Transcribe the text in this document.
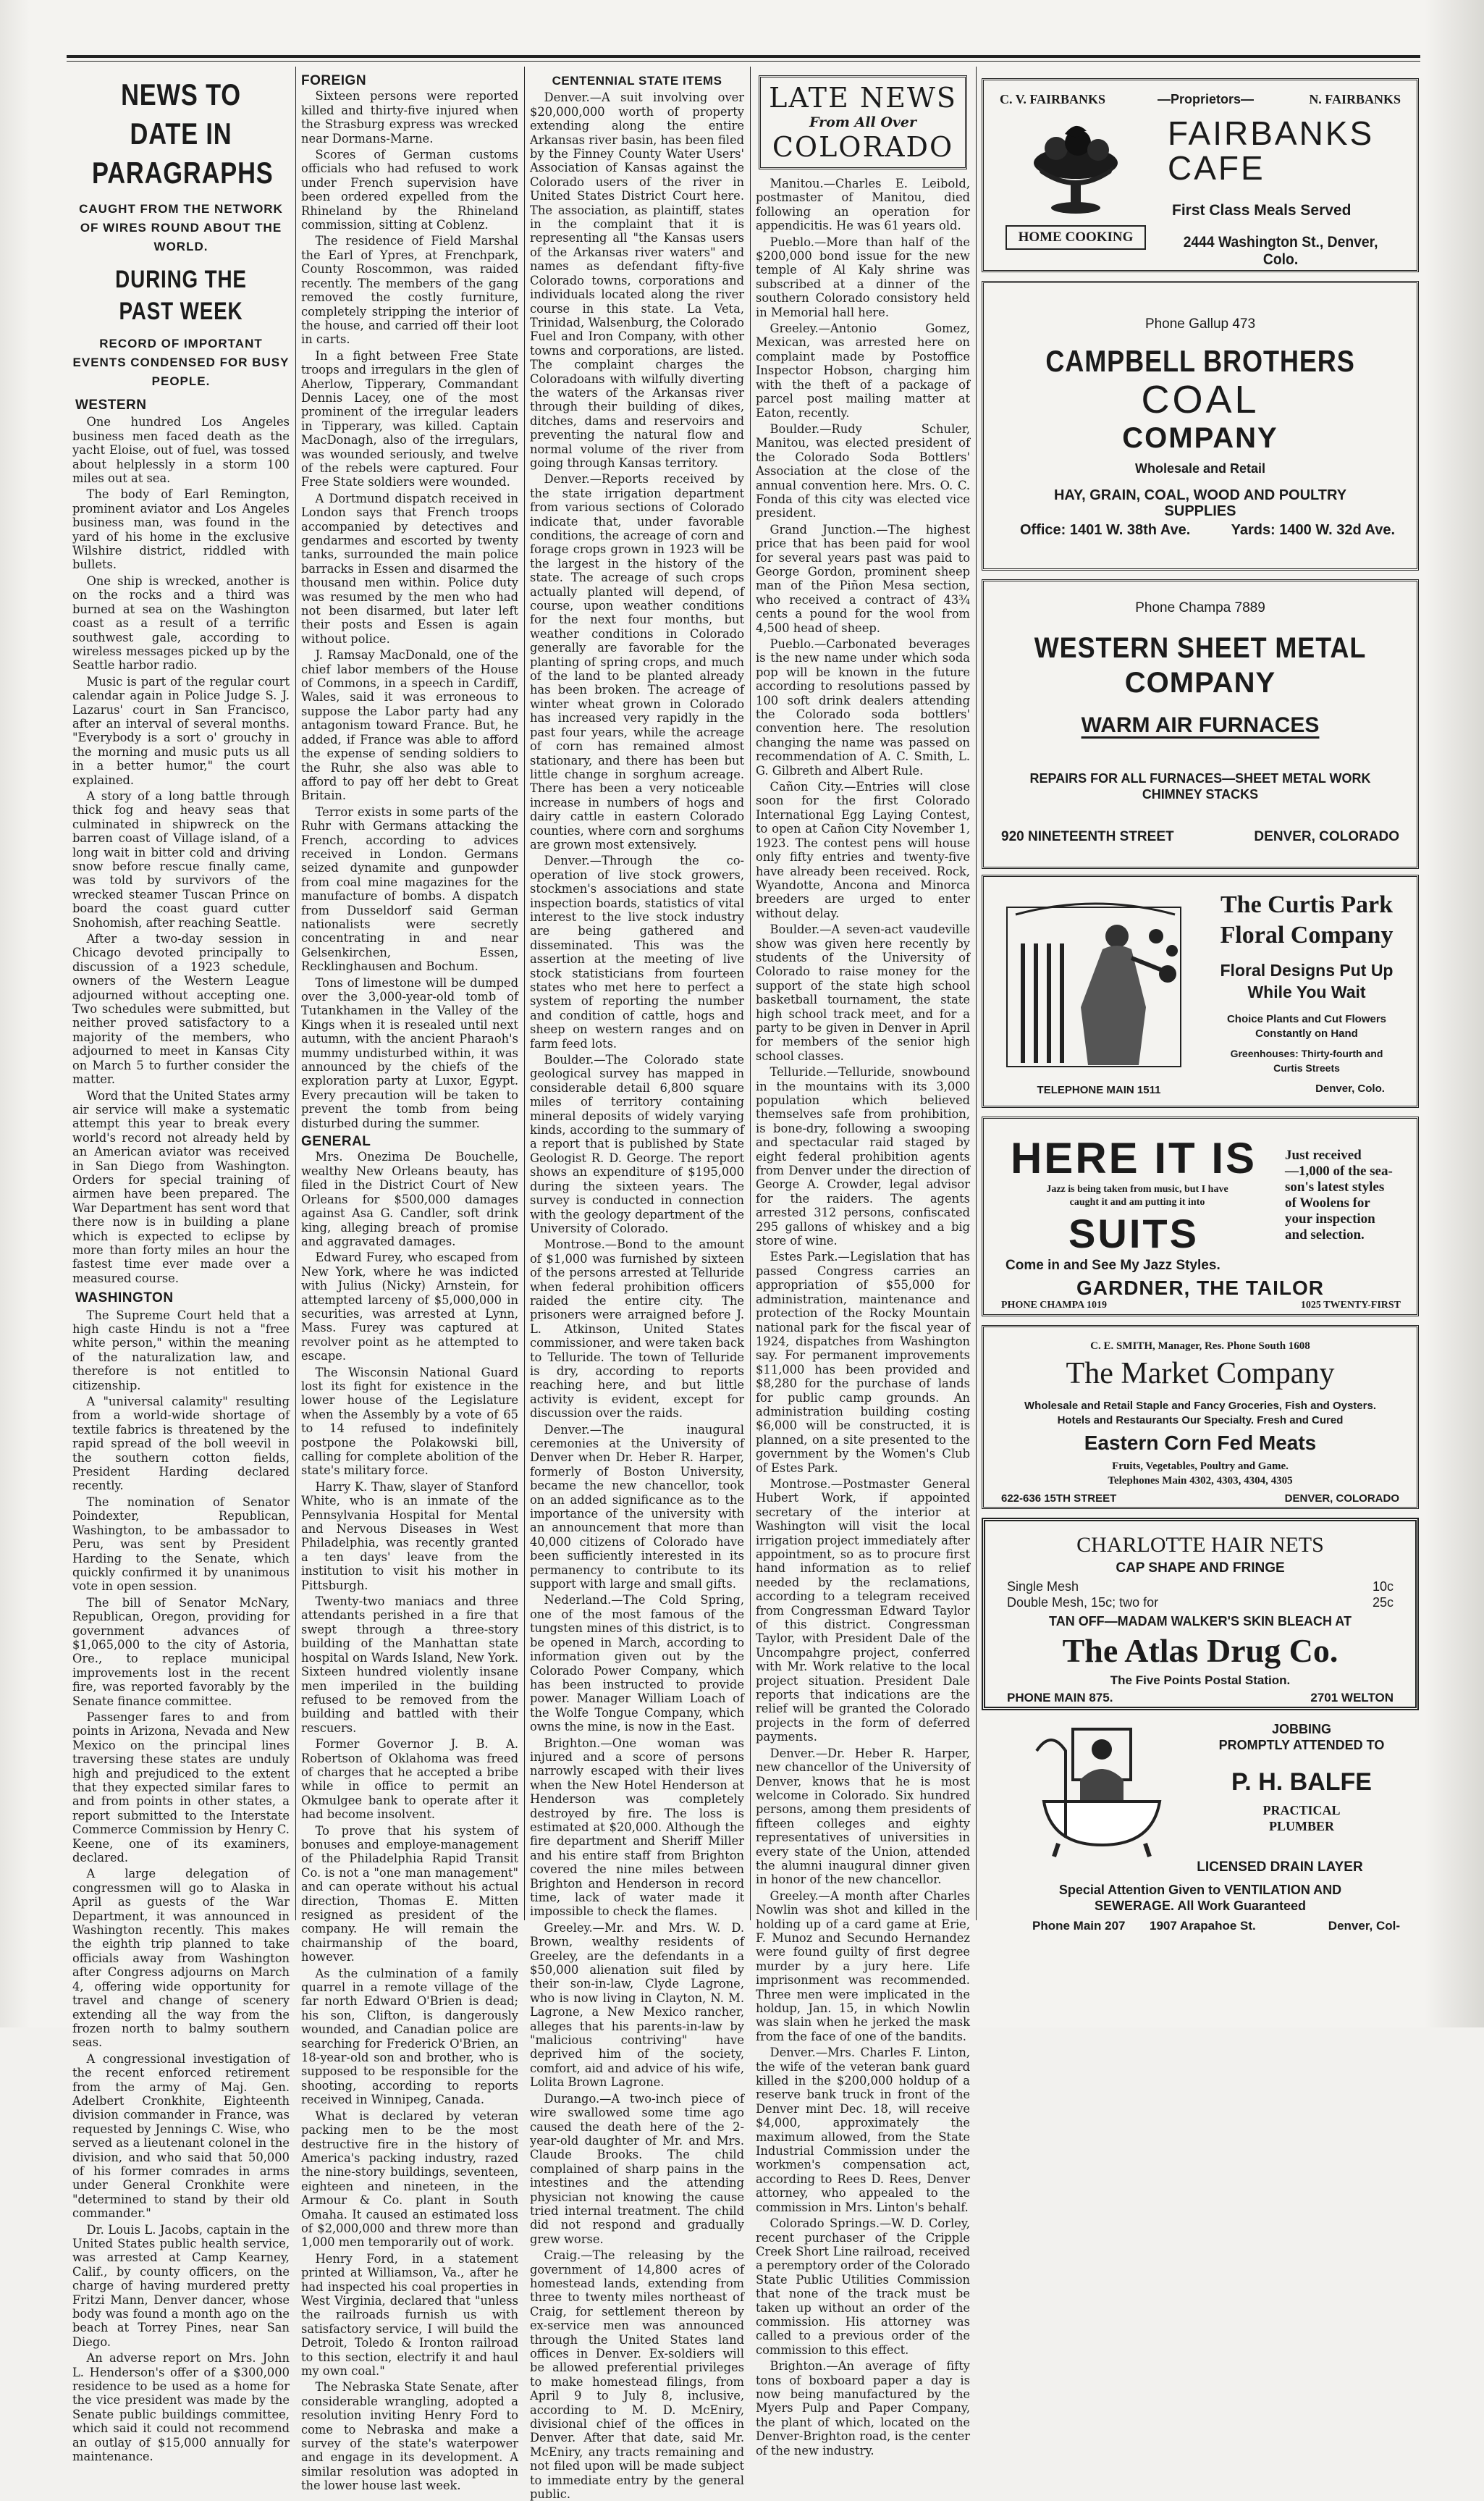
NEWS TO DATE IN PARAGRAPHS
CAUGHT FROM THE NETWORK OF WIRES ROUND ABOUT THE WORLD.
DURING THE PAST WEEK
RECORD OF IMPORTANT EVENTS CONDENSED FOR BUSY PEOPLE.
WESTERN

One hundred Los Angeles business men faced death as the yacht Eloise, out of fuel, was tossed about helplessly in a storm 100 miles out at sea.

The body of Earl Remington, prominent aviator and Los Angeles business man, was found in the yard of his home in the exclusive Wilshire district, riddled with bullets.

One ship is wrecked, another is on the rocks and a third was burned at sea on the Washington coast as a result of a terrific southwest gale, according to wireless messages picked up by the Seattle harbor radio.

Music is part of the regular court calendar again in Police Judge S. J. Lazarus' court in San Francisco, after an interval of several months. "Everybody is a sort o' grouchy in the morning and music puts us all in a better humor," the court explained.

A story of a long battle through thick fog and heavy seas that culminated in shipwreck on the barren coast of Village island, of a long wait in bitter cold and driving snow before rescue finally came, was told by survivors of the wrecked steamer Tuscan Prince on board the coast guard cutter Snohomish, after reaching Seattle.

After a two-day session in Chicago devoted principally to discussion of a 1923 schedule, owners of the Western League adjourned without accepting one. Two schedules were submitted, but neither proved satisfactory to a majority of the members, who adjourned to meet in Kansas City on March 5 to further consider the matter.

Word that the United States army air service will make a systematic attempt this year to break every world's record not already held by an American aviator was received in San Diego from Washington. Orders for special training of airmen have been prepared. The War Department has sent word that there now is in building a plane which is expected to eclipse by more than forty miles an hour the fastest time ever made over a measured course.

WASHINGTON

The Supreme Court held that a high caste Hindu is not a "free white person," within the meaning of the naturalization law, and therefore is not entitled to citizenship.

A "universal calamity" resulting from a world-wide shortage of textile fabrics is threatened by the rapid spread of the boll weevil in the southern cotton fields, President Harding declared recently.

The nomination of Senator Poindexter, Republican, Washington, to be ambassador to Peru, was sent by President Harding to the Senate, which quickly confirmed it by unanimous vote in open session.

The bill of Senator McNary, Republican, Oregon, providing for government advances of $1,065,000 to the city of Astoria, Ore., to replace municipal improvements lost in the recent fire, was reported favorably by the Senate finance committee.

Passenger fares to and from points in Arizona, Nevada and New Mexico on the principal lines traversing these states are unduly high and prejudiced to the extent that they expected similar fares to and from points in other states, a report submitted to the Interstate Commerce Commission by Henry C. Keene, one of its examiners, declared.

A large delegation of congressmen will go to Alaska in April as guests of the War Department, it was announced in Washington recently. This makes the eighth trip planned to take officials away from Washington after Congress adjourns on March 4, offering wide opportunity for travel and change of scenery extending all the way from the frozen north to balmy southern seas.

A congressional investigation of the recent enforced retirement from the army of Maj. Gen. Adelbert Cronkhite, Eighteenth division commander in France, was requested by Jennings C. Wise, who served as a lieutenant colonel in the division, and who said that 50,000 of his former comrades in arms under General Cronkhite were "determined to stand by their old commander."

Dr. Louis L. Jacobs, captain in the United States public health service, was arrested at Camp Kearney, Calif., by county officers, on the charge of having murdered pretty Fritzi Mann, Denver dancer, whose body was found a month ago on the beach at Torrey Pines, near San Diego.

An adverse report on Mrs. John L. Henderson's offer of a $300,000 residence to be used as a home for the vice president was made by the Senate public buildings committee, which said it could not recommend an outlay of $15,000 annually for maintenance.

FOREIGN

Sixteen persons were reported killed and thirty-five injured when the Strasburg express was wrecked near Dormans-Marne.

Scores of German customs officials who had refused to work under French supervision have been ordered expelled from the Rhineland by the Rhineland commission, sitting at Coblenz.

The residence of Field Marshal the Earl of Ypres, at Frenchpark, County Roscommon, was raided recently. The members of the gang removed the costly furniture, completely stripping the interior of the house, and carried off their loot in carts.

In a fight between Free State troops and irregulars in the glen of Aherlow, Tipperary, Commandant Dennis Lacey, one of the most prominent of the irregular leaders in Tipperary, was killed. Captain MacDonagh, also of the irregulars, was wounded seriously, and twelve of the rebels were captured. Four Free State soldiers were wounded.

A Dortmund dispatch received in London says that French troops accompanied by detectives and gendarmes and escorted by twenty tanks, surrounded the main police barracks in Essen and disarmed the thousand men within. Police duty was resumed by the men who had not been disarmed, but later left their posts and Essen is again without police.

J. Ramsay MacDonald, one of the chief labor members of the House of Commons, in a speech in Cardiff, Wales, said it was erroneous to suppose the Labor party had any antagonism toward France. But, he added, if France was able to afford the expense of sending soldiers to the Ruhr, she also was able to afford to pay off her debt to Great Britain.

Terror exists in some parts of the Ruhr with Germans attacking the French, according to advices received in London. Germans seized dynamite and gunpowder from coal mine magazines for the manufacture of bombs. A dispatch from Dusseldorf said German nationalists were secretly concentrating in and near Gelsenkirchen, Essen, Recklinghausen and Bochum.

Tons of limestone will be dumped over the 3,000-year-old tomb of Tutankhamen in the Valley of the Kings when it is resealed until next autumn, with the ancient Pharaoh's mummy undisturbed within, it was announced by the chiefs of the exploration party at Luxor, Egypt. Every precaution will be taken to prevent the tomb from being disturbed during the summer.

GENERAL

Mrs. Onezima De Bouchelle, wealthy New Orleans beauty, has filed in the District Court of New Orleans for $500,000 damages against Asa G. Candler, soft drink king, alleging breach of promise and aggravated damages.

Edward Furey, who escaped from New York, where he was indicted with Julius (Nicky) Arnstein, for attempted larceny of $5,000,000 in securities, was arrested at Lynn, Mass. Furey was captured at revolver point as he attempted to escape.

The Wisconsin National Guard lost its fight for existence in the lower house of the Legislature when the Assembly by a vote of 65 to 14 refused to indefinitely postpone the Polakowski bill, calling for complete abolition of the state's military force.

Harry K. Thaw, slayer of Stanford White, who is an inmate of the Pennsylvania Hospital for Mental and Nervous Diseases in West Philadelphia, was recently granted a ten days' leave from the institution to visit his mother in Pittsburgh.

Twenty-two maniacs and three attendants perished in a fire that swept through a three-story building of the Manhattan state hospital on Wards Island, New York. Sixteen hundred violently insane men imperiled in the building refused to be removed from the building and battled with their rescuers.

Former Governor J. B. A. Robertson of Oklahoma was freed of charges that he accepted a bribe while in office to permit an Okmulgee bank to operate after it had become insolvent.

To prove that his system of bonuses and employe-management of the Philadelphia Rapid Transit Co. is not a "one man management" and can operate without his actual direction, Thomas E. Mitten resigned as president of the company. He will remain the chairmanship of the board, however.

As the culmination of a family quarrel in a remote village of the far north Edward O'Brien is dead; his son, Clifton, is dangerously wounded, and Canadian police are searching for Frederick O'Brien, an 18-year-old son and brother, who is supposed to be responsible for the shooting, according to reports received in Winnipeg, Canada.

What is declared by veteran packing men to be the most destructive fire in the history of America's packing industry, razed the nine-story buildings, seventeen, eighteen and nineteen, in the Armour & Co. plant in South Omaha. It caused an estimated loss of $2,000,000 and threw more than 1,000 men temporarily out of work.

Henry Ford, in a statement printed at Williamson, Va., after he had inspected his coal properties in West Virginia, declared that "unless the railroads furnish us with satisfactory service, I will build the Detroit, Toledo & Ironton railroad to this section, electrify it and haul my own coal."

The Nebraska State Senate, after considerable wrangling, adopted a resolution inviting Henry Ford to come to Nebraska and make a survey of the state's waterpower and engage in its development. A similar resolution was adopted in the lower house last week.

CENTENNIAL STATE ITEMS

Denver.—A suit involving over $20,000,000 worth of property extending along the entire Arkansas river basin, has been filed by the Finney County Water Users' Association of Kansas against the Colorado users of the river in United States District Court here. The association, as plaintiff, states in the complaint that it is representing all "the Kansas users of the Arkansas river waters" and names as defendant fifty-five Colorado towns, corporations and individuals located along the river course in this state. La Veta, Trinidad, Walsenburg, the Colorado Fuel and Iron Company, with other towns and corporations, are listed. The complaint charges the Coloradoans with wilfully diverting the waters of the Arkansas river through their building of dikes, ditches, dams and reservoirs and preventing the natural flow and normal volume of the river from going through Kansas territory.

Denver.—Reports received by the state irrigation department from various sections of Colorado indicate that, under favorable conditions, the acreage of corn and forage crops grown in 1923 will be the largest in the history of the state. The acreage of such crops actually planted will depend, of course, upon weather conditions for the next four months, but weather conditions in Colorado generally are favorable for the planting of spring crops, and much of the land to be planted already has been broken. The acreage of winter wheat grown in Colorado has increased very rapidly in the past four years, while the acreage of corn has remained almost stationary, and there has been but little change in sorghum acreage. There has been a very noticeable increase in numbers of hogs and dairy cattle in eastern Colorado counties, where corn and sorghums are grown most extensively.

Denver.—Through the co-operation of live stock growers, stockmen's associations and state inspection boards, statistics of vital interest to the live stock industry are being gathered and disseminated. This was the assertion at the meeting of live stock statisticians from fourteen states who met here to perfect a system of reporting the number and condition of cattle, hogs and sheep on western ranges and on farm feed lots.

Boulder.—The Colorado state geological survey has mapped in considerable detail 6,800 square miles of territory containing mineral deposits of widely varying kinds, according to the summary of a report that is published by State Geologist R. D. George. The report shows an expenditure of $195,000 during the sixteen years. The survey is conducted in connection with the geology department of the University of Colorado.

Montrose.—Bond to the amount of $1,000 was furnished by sixteen of the persons arrested at Telluride when federal prohibition officers raided the entire city. The prisoners were arraigned before J. L. Atkinson, United States commissioner, and were taken back to Telluride. The town of Telluride is dry, according to reports reaching here, and but little activity is evident, except for discussion over the raids.

Denver.—The inaugural ceremonies at the University of Denver when Dr. Heber R. Harper, formerly of Boston University, became the new chancellor, took on an added significance as to the importance of the university with an announcement that more than 40,000 citizens of Colorado have been sufficiently interested in its permanency to contribute to its support with large and small gifts.

Nederland.—The Cold Spring, one of the most famous of the tungsten mines of this district, is to be opened in March, according to information given out by the Colorado Power Company, which has been instructed to provide power. Manager William Loach of the Wolfe Tongue Company, which owns the mine, is now in the East.

Brighton.—One woman was injured and a score of persons narrowly escaped with their lives when the New Hotel Henderson at Henderson was completely destroyed by fire. The loss is estimated at $20,000. Although the fire department and Sheriff Miller and his entire staff from Brighton covered the nine miles between Brighton and Henderson in record time, lack of water made it impossible to check the flames.

Greeley.—Mr. and Mrs. W. D. Brown, wealthy residents of Greeley, are the defendants in a $50,000 alienation suit filed by their son-in-law, Clyde Lagrone, who is now living in Clayton, N. M. Lagrone, a New Mexico rancher, alleges that his parents-in-law by "malicious contriving" have deprived him of the society, comfort, aid and advice of his wife, Lolita Brown Lagrone.

Durango.—A two-inch piece of wire swallowed some time ago caused the death here of the 2-year-old daughter of Mr. and Mrs. Claude Brooks. The child complained of sharp pains in the intestines and the attending physician not knowing the cause tried internal treatment. The child did not respond and gradually grew worse.

Craig.—The releasing by the government of 14,800 acres of homestead lands, extending from three to twenty miles northeast of Craig, for settlement thereon by ex-service men was announced through the United States land offices in Denver. Ex-soldiers will be allowed preferential privileges to make homestead filings, from April 9 to July 8, inclusive, according to M. D. McEniry, divisional chief of the offices in Denver. After that date, said Mr. McEniry, any tracts remaining and not filed upon will be made subject to immediate entry by the general public.

LATE NEWS
From All Over
COLORADO

Manitou.—Charles E. Leibold, postmaster of Manitou, died following an operation for appendicitis. He was 61 years old.

Pueblo.—More than half of the $200,000 bond issue for the new temple of Al Kaly shrine was subscribed at a dinner of the southern Colorado consistory held in Memorial hall here.

Greeley.—Antonio Gomez, Mexican, was arrested here on complaint made by Postoffice Inspector Hobson, charging him with the theft of a package of parcel post mailing matter at Eaton, recently.

Boulder.—Rudy Schuler, Manitou, was elected president of the Colorado Soda Bottlers' Association at the close of the annual convention here. Mrs. O. C. Fonda of this city was elected vice president.

Grand Junction.—The highest price that has been paid for wool for several years past was paid to George Gordon, prominent sheep man of the Piñon Mesa section, who received a contract of 43¾ cents a pound for the wool from 4,500 head of sheep.

Pueblo.—Carbonated beverages is the new name under which soda pop will be known in the future according to resolutions passed by 100 soft drink dealers attending the Colorado soda bottlers' convention here. The resolution changing the name was passed on recommendation of A. C. Smith, L. G. Gilbreth and Albert Rule.

Cañon City.—Entries will close soon for the first Colorado International Egg Laying Contest, to open at Cañon City November 1, 1923. The contest pens will house only fifty entries and twenty-five have already been received. Rock, Wyandotte, Ancona and Minorca breeders are urged to enter without delay.

Boulder.—A seven-act vaudeville show was given here recently by students of the University of Colorado to raise money for the support of the state high school basketball tournament, the state high school track meet, and for a party to be given in Denver in April for members of the senior high school classes.

Telluride.—Telluride, snowbound in the mountains with its 3,000 population which believed themselves safe from prohibition, is bone-dry, following a swooping and spectacular raid staged by eight federal prohibition agents from Denver under the direction of George A. Crowder, legal advisor for the raiders. The agents arrested 312 persons, confiscated 295 gallons of whiskey and a big store of wine.

Estes Park.—Legislation that has passed Congress carries an appropriation of $55,000 for administration, maintenance and protection of the Rocky Mountain national park for the fiscal year of 1924, dispatches from Washington say. For permanent improvements $11,000 has been provided and $8,280 for the purchase of lands for public camp grounds. An administration building costing $6,000 will be constructed, it is planned, on a site presented to the government by the Women's Club of Estes Park.

Montrose.—Postmaster General Hubert Work, if appointed secretary of the interior at Washington will visit the local irrigation project immediately after appointment, so as to procure first hand information as to relief needed by the reclamations, according to a telegram received from Congressman Edward Taylor of this district. Congressman Taylor, with President Dale of the Uncompahgre project, conferred with Mr. Work relative to the local project situation. President Dale reports that indications are the relief will be granted the Colorado projects in the form of deferred payments.

Denver.—Dr. Heber R. Harper, new chancellor of the University of Denver, knows that he is most welcome in Colorado. Six hundred persons, among them presidents of fifteen colleges and eighty representatives of universities in every state of the Union, attended the alumni inaugural dinner given in honor of the new chancellor.

Greeley.—A month after Charles Nowlin was shot and killed in the holding up of a card game at Erie, F. Munoz and Secundo Hernandez were found guilty of first degree murder by a jury here. Life imprisonment was recommended. Three men were implicated in the holdup, Jan. 15, in which Nowlin was slain when he jerked the mask from the face of one of the bandits.

Denver.—Mrs. Charles F. Linton, the wife of the veteran bank guard killed in the $200,000 holdup of a reserve bank truck in front of the Denver mint Dec. 18, will receive $4,000, approximately the maximum allowed, from the State Industrial Commission under the workmen's compensation act, according to Rees D. Rees, Denver attorney, who appealed to the commission in Mrs. Linton's behalf.

Colorado Springs.—W. D. Corley, recent purchaser of the Cripple Creek Short Line railroad, received a peremptory order of the Colorado State Public Utilities Commission that none of the track must be taken up without an order of the commission. His attorney was called to a previous order of the commission to this effect.

Brighton.—An average of fifty tons of boxboard paper a day is now being manufactured by the Myers Pulp and Paper Company, the plant of which, located on the Denver-Brighton road, is the center of the new industry.

C. V. FAIRBANKS	—Proprietors—	N. FAIRBANKS
HOME COOKING
FAIRBANKS
CAFE
First Class Meals Served
2444 Washington St., Denver, Colo.
Phone Gallup 473
CAMPBELL BROTHERS
COAL
COMPANY
Wholesale and Retail
HAY, GRAIN, COAL, WOOD AND POULTRY
SUPPLIES
Office: 1401 W. 38th Ave.	Yards: 1400 W. 32d Ave.
Phone Champa 7889
WESTERN SHEET METAL
COMPANY
WARM AIR FURNACES
REPAIRS FOR ALL FURNACES—SHEET METAL WORK
CHIMNEY STACKS
920 NINETEENTH STREET	DENVER, COLORADO
The Curtis Park
Floral Company
Floral Designs Put Up
While You Wait
Choice Plants and Cut Flowers
Constantly on Hand
Greenhouses: Thirty-fourth and
Curtis Streets
Denver, Colo.
TELEPHONE MAIN 1511
HERE IT IS
Jazz is being taken from music, but I have
caught it and am putting it into
SUITS
Just received
—1,000 of the sea-
son's latest styles
of Woolens for
your inspection
and selection.
Come in and See My Jazz Styles.
GARDNER, THE TAILOR
PHONE CHAMPA 1019	1025 TWENTY-FIRST
C. E. SMITH, Manager, Res. Phone South 1608
The Market Company
Wholesale and Retail Staple and Fancy Groceries, Fish and Oysters.
Hotels and Restaurants Our Specialty. Fresh and Cured
Eastern Corn Fed Meats
Fruits, Vegetables, Poultry and Game.
Telephones Main 4302, 4303, 4304, 4305
622-636 15TH STREET	DENVER, COLORADO
CHARLOTTE HAIR NETS
CAP SHAPE AND FRINGE
Single Mesh	10c
Double Mesh, 15c; two for	25c
TAN OFF—MADAM WALKER'S SKIN BLEACH AT
The Atlas Drug Co.
The Five Points Postal Station.
PHONE MAIN 875.	2701 WELTON
JOBBING
PROMPTLY ATTENDED TO
P. H. BALFE
PRACTICAL
PLUMBER
LICENSED DRAIN LAYER
Special Attention Given to VENTILATION AND
SEWERAGE. All Work Guaranteed
Phone Main 207 1907 Arapahoe St.	Denver, Col-
